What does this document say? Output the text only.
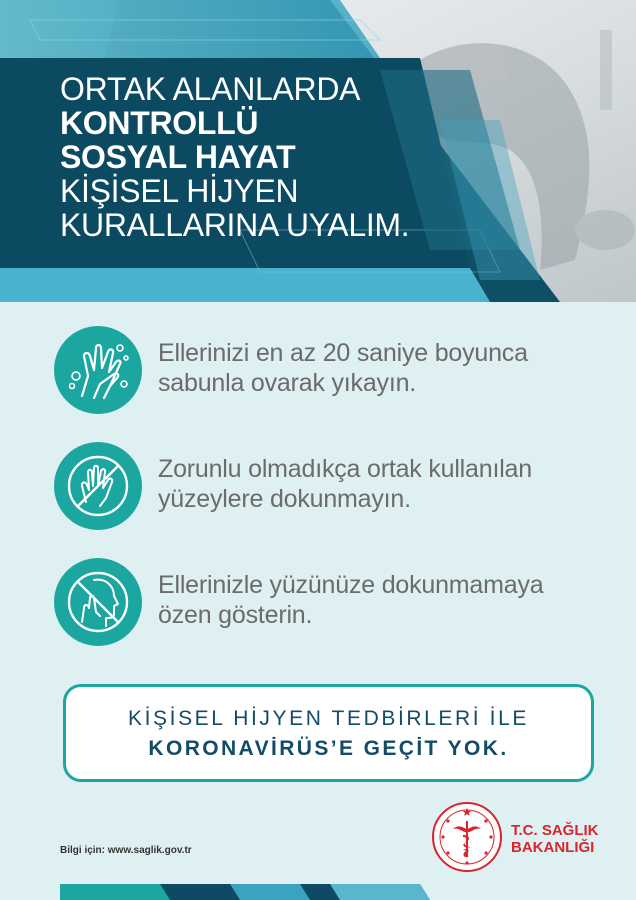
ORTAK ALANLARDA
KONTROLLÜ
SOSYAL HAYAT
KİŞİSEL HİJYEN
KURALLARINA UYALIM.
Ellerinizi en az 20 saniye boyunca
sabunla ovarak yıkayın.
Zorunlu olmadıkça ortak kullanılan
yüzeylere dokunmayın.
Ellerinizle yüzünüze dokunmamaya
özen gösterin.
KİŞİSEL HİJYEN TEDBİRLERİ İLE
KORONAVİRÜS’E GEÇİT YOK.
Bilgi için: www.saglik.gov.tr
T.C. SAĞLIK
BAKANLIĞI
